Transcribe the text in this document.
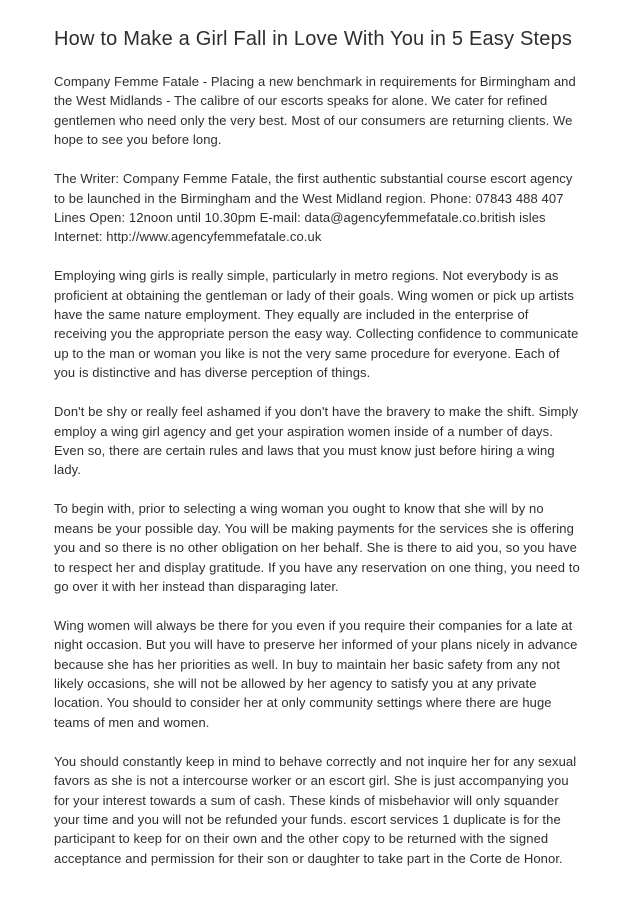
How to Make a Girl Fall in Love With You in 5 Easy Steps

Company Femme Fatale - Placing a new benchmark in requirements for Birmingham and the West Midlands - The calibre of our escorts speaks for alone. We cater for refined gentlemen who need only the very best. Most of our consumers are returning clients. We hope to see you before long.

The Writer: Company Femme Fatale, the first authentic substantial course escort agency to be launched in the Birmingham and the West Midland region. Phone: 07843 488 407 Lines Open: 12noon until 10.30pm E-mail: data@agencyfemmefatale.co.british isles Internet: http://www.agencyfemmefatale.co.uk

Employing wing girls is really simple, particularly in metro regions. Not everybody is as proficient at obtaining the gentleman or lady of their goals. Wing women or pick up artists have the same nature employment. They equally are included in the enterprise of receiving you the appropriate person the easy way. Collecting confidence to communicate up to the man or woman you like is not the very same procedure for everyone. Each of you is distinctive and has diverse perception of things.

Don't be shy or really feel ashamed if you don't have the bravery to make the shift. Simply employ a wing girl agency and get your aspiration women inside of a number of days. Even so, there are certain rules and laws that you must know just before hiring a wing lady.

To begin with, prior to selecting a wing woman you ought to know that she will by no means be your possible day. You will be making payments for the services she is offering you and so there is no other obligation on her behalf. She is there to aid you, so you have to respect her and display gratitude. If you have any reservation on one thing, you need to go over it with her instead than disparaging later.

Wing women will always be there for you even if you require their companies for a late at night occasion. But you will have to preserve her informed of your plans nicely in advance because she has her priorities as well. In buy to maintain her basic safety from any not likely occasions, she will not be allowed by her agency to satisfy you at any private location. You should to consider her at only community settings where there are huge teams of men and women.

You should constantly keep in mind to behave correctly and not inquire her for any sexual favors as she is not a intercourse worker or an escort girl. She is just accompanying you for your interest towards a sum of cash. These kinds of misbehavior will only squander your time and you will not be refunded your funds. escort services 1 duplicate is for the participant to keep for on their own and the other copy to be returned with the signed acceptance and permission for their son or daughter to take part in the Corte de Honor.
